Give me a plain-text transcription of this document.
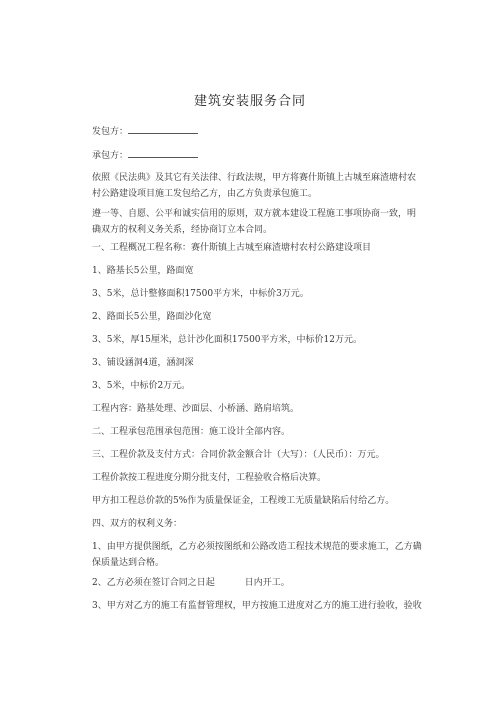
建筑安装服务合同
发包方：
承包方：
依照《民法典》及其它有关法律、行政法规，甲方将赛什斯镇上古城至麻渣塘村农村公路建设项目施工发包给乙方，由乙方负责承包施工。
遵一等、自愿、公平和诚实信用的原则，双方就本建设工程施工事项协商一致，明确双方的权利义务关系，经协商订立本合同。
一、工程概况工程名称：赛什斯镇上古城至麻渣塘村农村公路建设项目
1、路基长5公里，路面宽
3、5米，总计整修面积17500平方米，中标价3万元。
2、路面长5公里，路面沙化宽
3、5米，厚15厘米，总计沙化面积17500平方米，中标价12万元。
3、铺设涵洞4道，涵洞深
3、5米，中标价2万元。
工程内容：路基处理、沙面层、小桥涵、路肩培筑。
二、工程承包范围承包范围：施工设计全部内容。
三、工程价款及支付方式：合同价款金额合计（大写）：（人民币）：万元。
工程价款按工程进度分期分批支付，工程验收合格后决算。
甲方扣工程总价款的5%作为质量保证金，工程竣工无质量缺陷后付给乙方。
四、双方的权利义务：
1、由甲方提供图纸，乙方必须按图纸和公路改造工程技术规范的要求施工，乙方确保质量达到合格。
2、乙方必须在签订合同之日起	日内开工。
3、甲方对乙方的施工有监督管理权，甲方按施工进度对乙方的施工进行验收，验收
